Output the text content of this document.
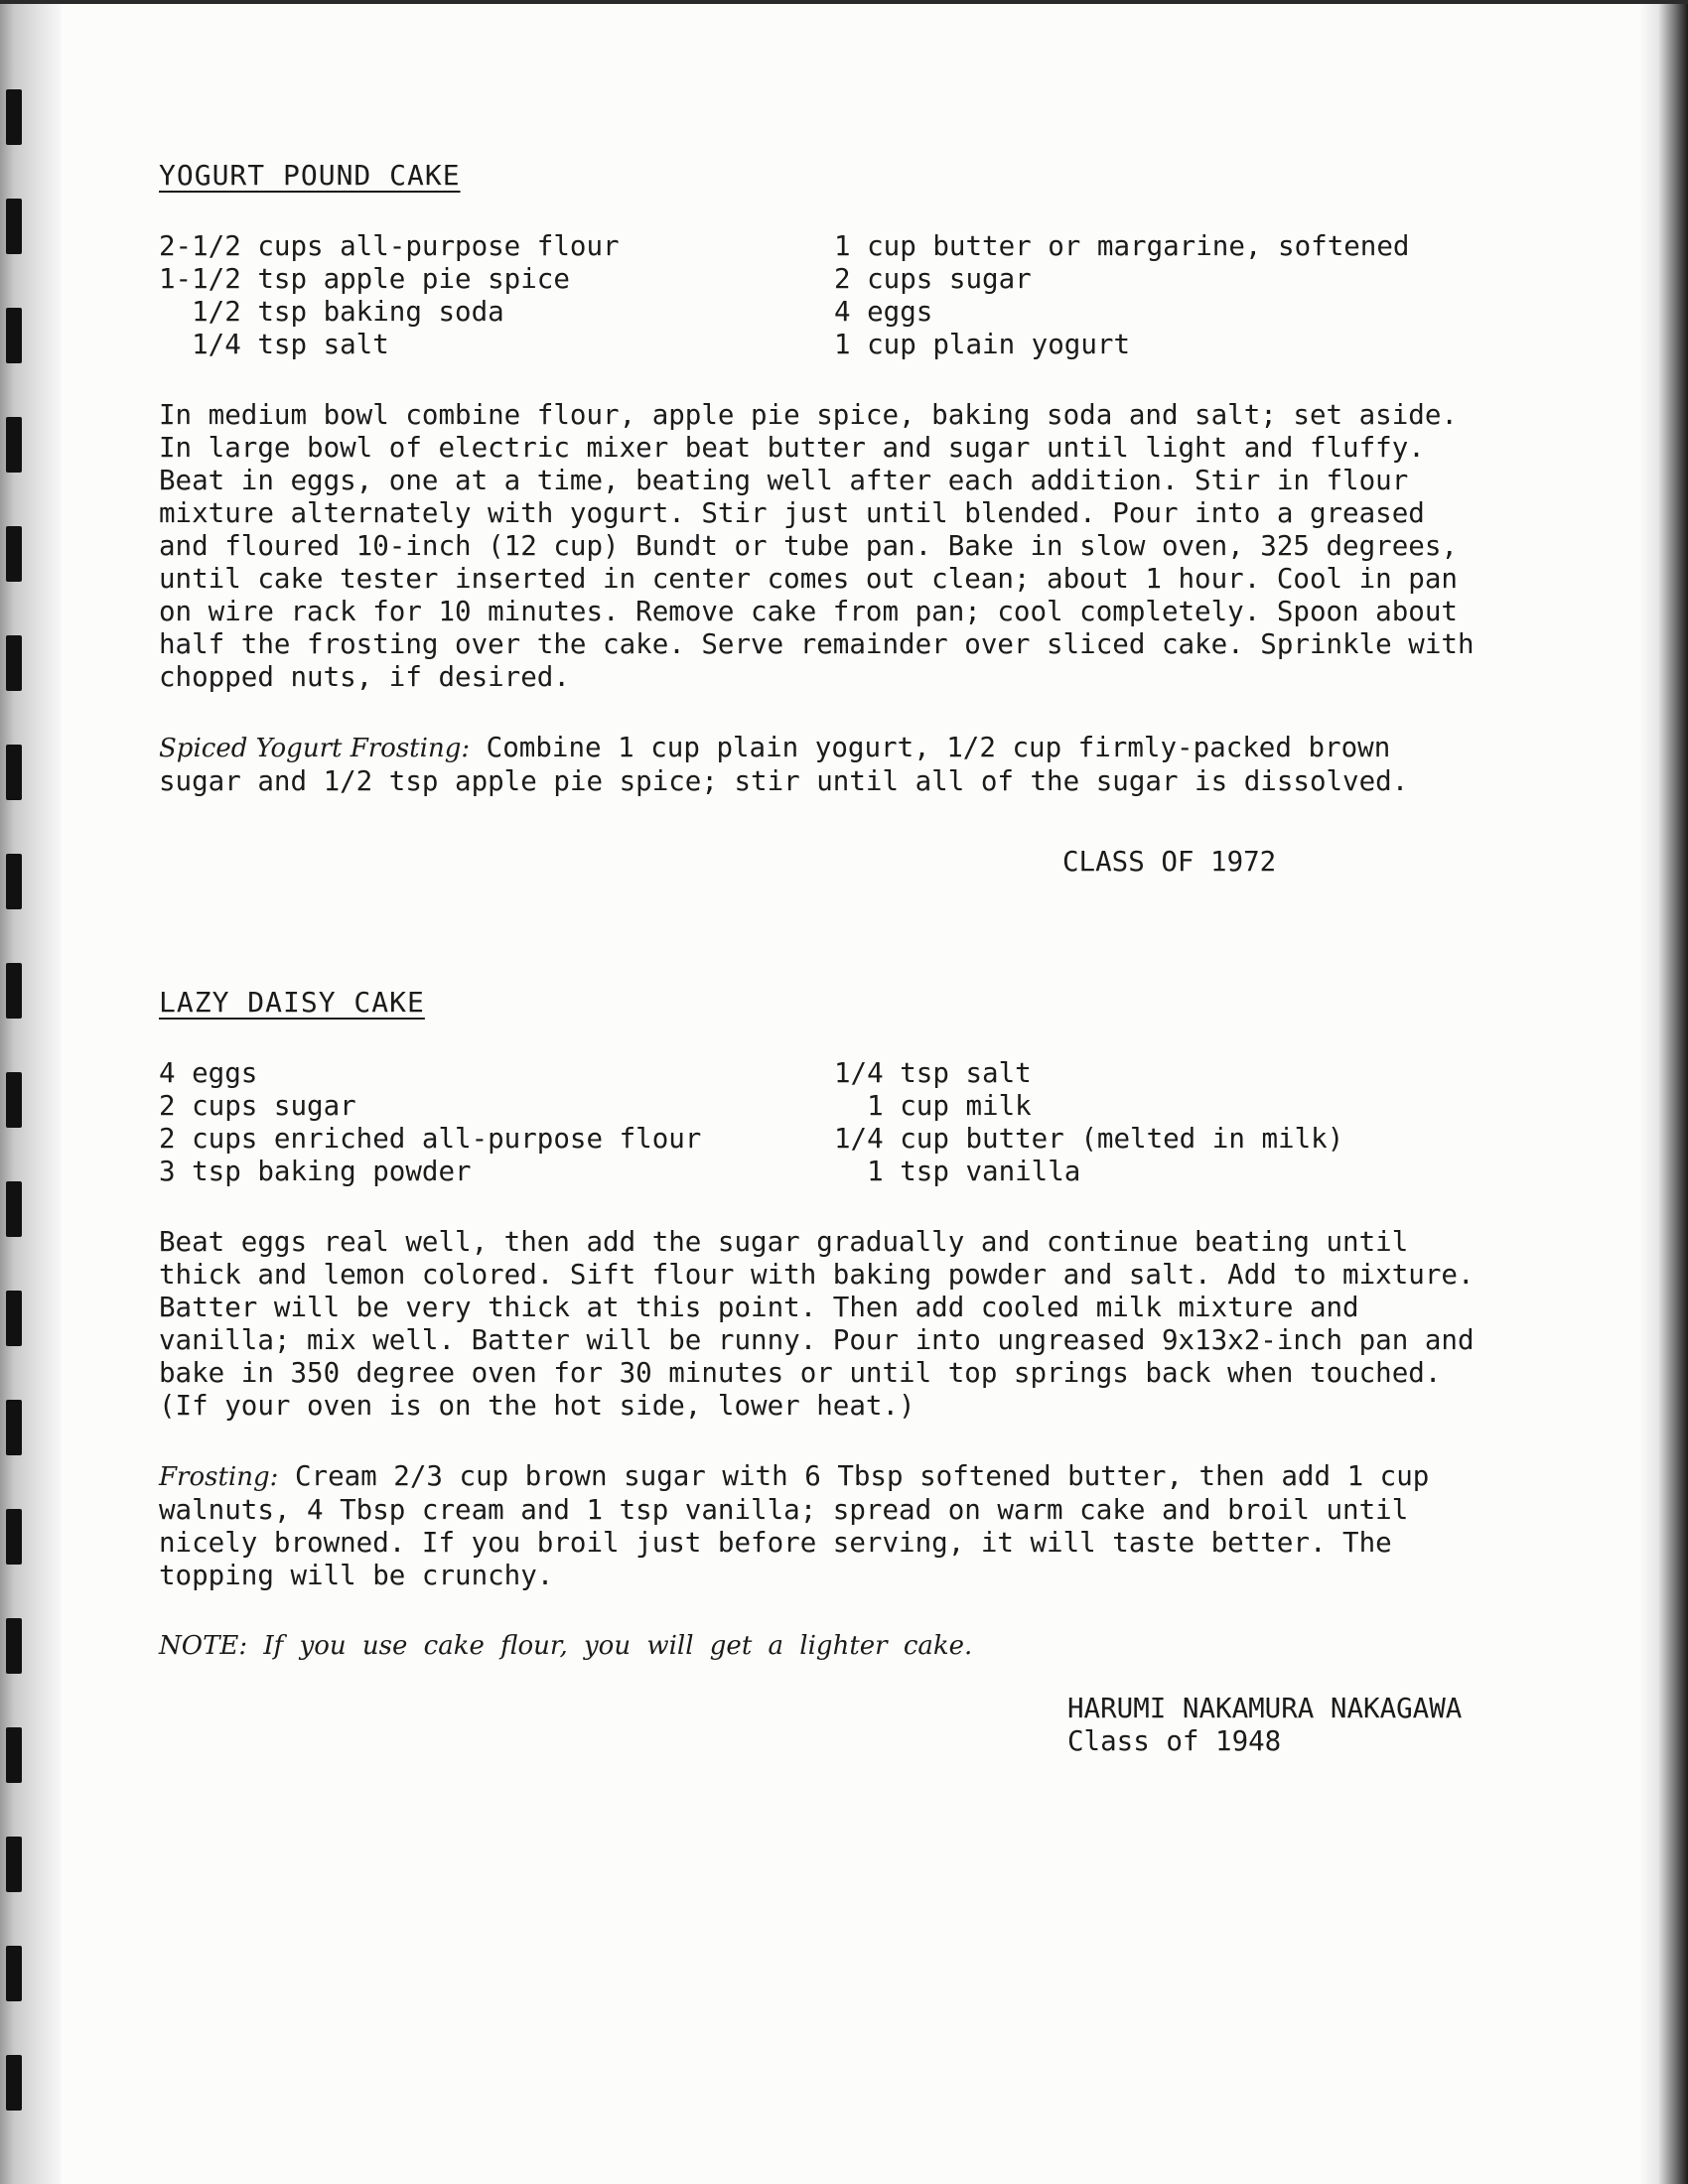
YOGURT POUND CAKE
2-1/2 cups all-purpose flour
1-1/2 tsp apple pie spice
1/2 tsp baking soda
1/4 tsp salt
1 cup butter or margarine, softened
2 cups sugar
4 eggs
1 cup plain yogurt

In medium bowl combine flour, apple pie spice, baking soda and salt; set aside. In large bowl of electric mixer beat butter and sugar until light and fluffy. Beat in eggs, one at a time, beating well after each addition. Stir in flour mixture alternately with yogurt. Stir just until blended. Pour into a greased and floured 10-inch (12 cup) Bundt or tube pan. Bake in slow oven, 325 degrees, until cake tester inserted in center comes out clean; about 1 hour. Cool in pan on wire rack for 10 minutes. Remove cake from pan; cool completely. Spoon about half the frosting over the cake. Serve remainder over sliced cake. Sprinkle with chopped nuts, if desired.

Spiced Yogurt Frosting: Combine 1 cup plain yogurt, 1/2 cup firmly-packed brown sugar and 1/2 tsp apple pie spice; stir until all of the sugar is dissolved.
CLASS OF 1972
LAZY DAISY CAKE
4 eggs
2 cups sugar
2 cups enriched all-purpose flour
3 tsp baking powder
1/4 tsp salt
1 cup milk
1/4 cup butter (melted in milk)
1 tsp vanilla

Beat eggs real well, then add the sugar gradually and continue beating until thick and lemon colored. Sift flour with baking powder and salt. Add to mixture. Batter will be very thick at this point. Then add cooled milk mixture and vanilla; mix well. Batter will be runny. Pour into ungreased 9x13x2-inch pan and bake in 350 degree oven for 30 minutes or until top springs back when touched. (If your oven is on the hot side, lower heat.)

Frosting: Cream 2/3 cup brown sugar with 6 Tbsp softened butter, then add 1 cup walnuts, 4 Tbsp cream and 1 tsp vanilla; spread on warm cake and broil until nicely browned. If you broil just before serving, it will taste better. The topping will be crunchy.
NOTE: If you use cake flour, you will get a lighter cake.
HARUMI NAKAMURA NAKAGAWA
Class of 1948
